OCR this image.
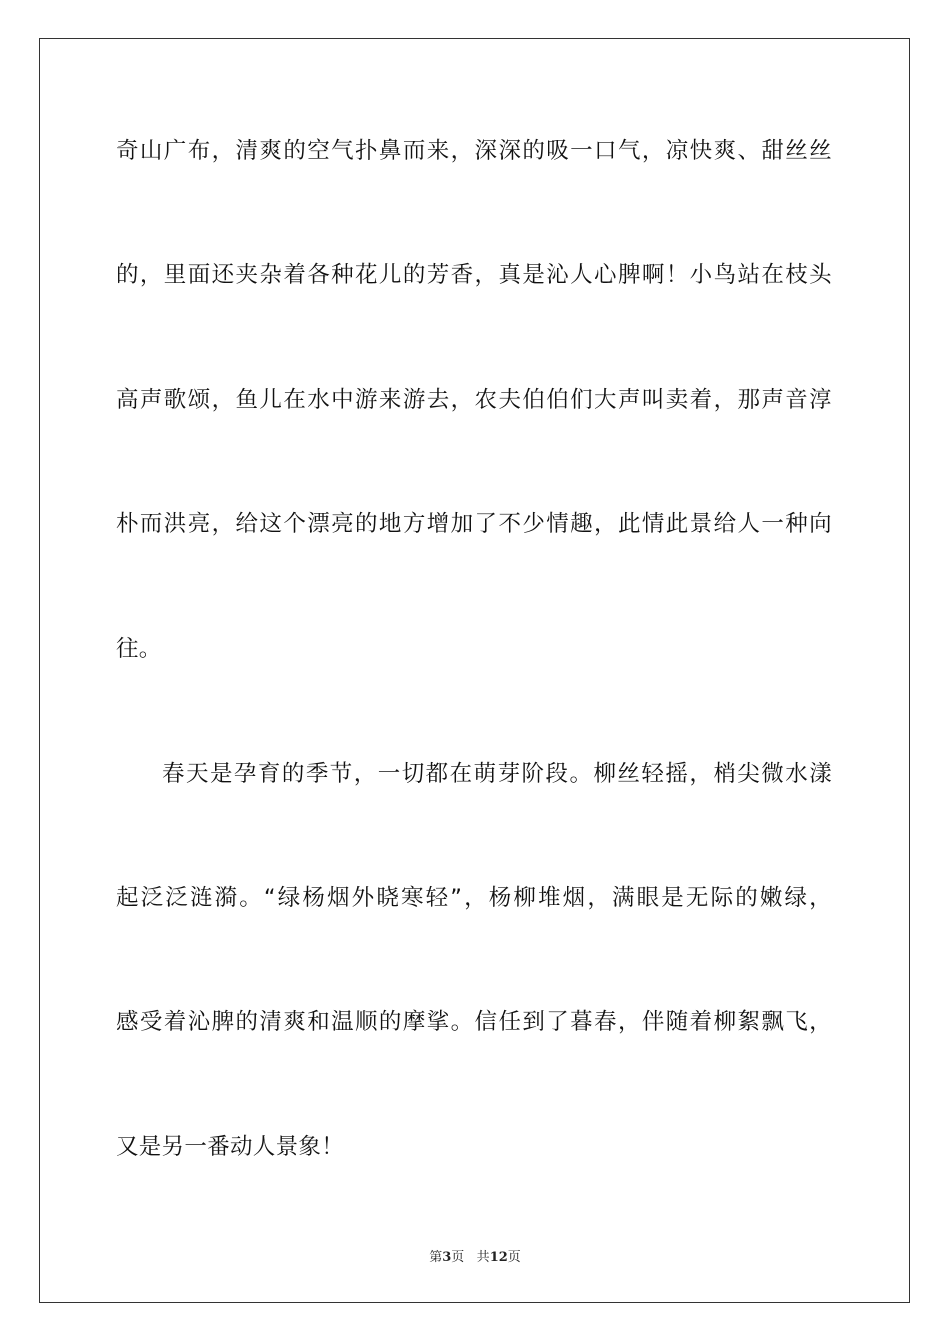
奇山广布，清爽的空气扑鼻而来，深深的吸一口气，凉快爽、甜丝丝
的，里面还夹杂着各种花儿的芳香，真是沁人心脾啊！小鸟站在枝头
高声歌颂，鱼儿在水中游来游去，农夫伯伯们大声叫卖着，那声音淳
朴而洪亮，给这个漂亮的地方增加了不少情趣，此情此景给人一种向
往。
春天是孕育的季节，一切都在萌芽阶段。柳丝轻摇，梢尖微水漾
起泛泛涟漪。“绿杨烟外晓寒轻”，杨柳堆烟，满眼是无际的嫩绿，
感受着沁脾的清爽和温顺的摩挲。信任到了暮春，伴随着柳絮飘飞，
又是另一番动人景象！
第3页 共12页
